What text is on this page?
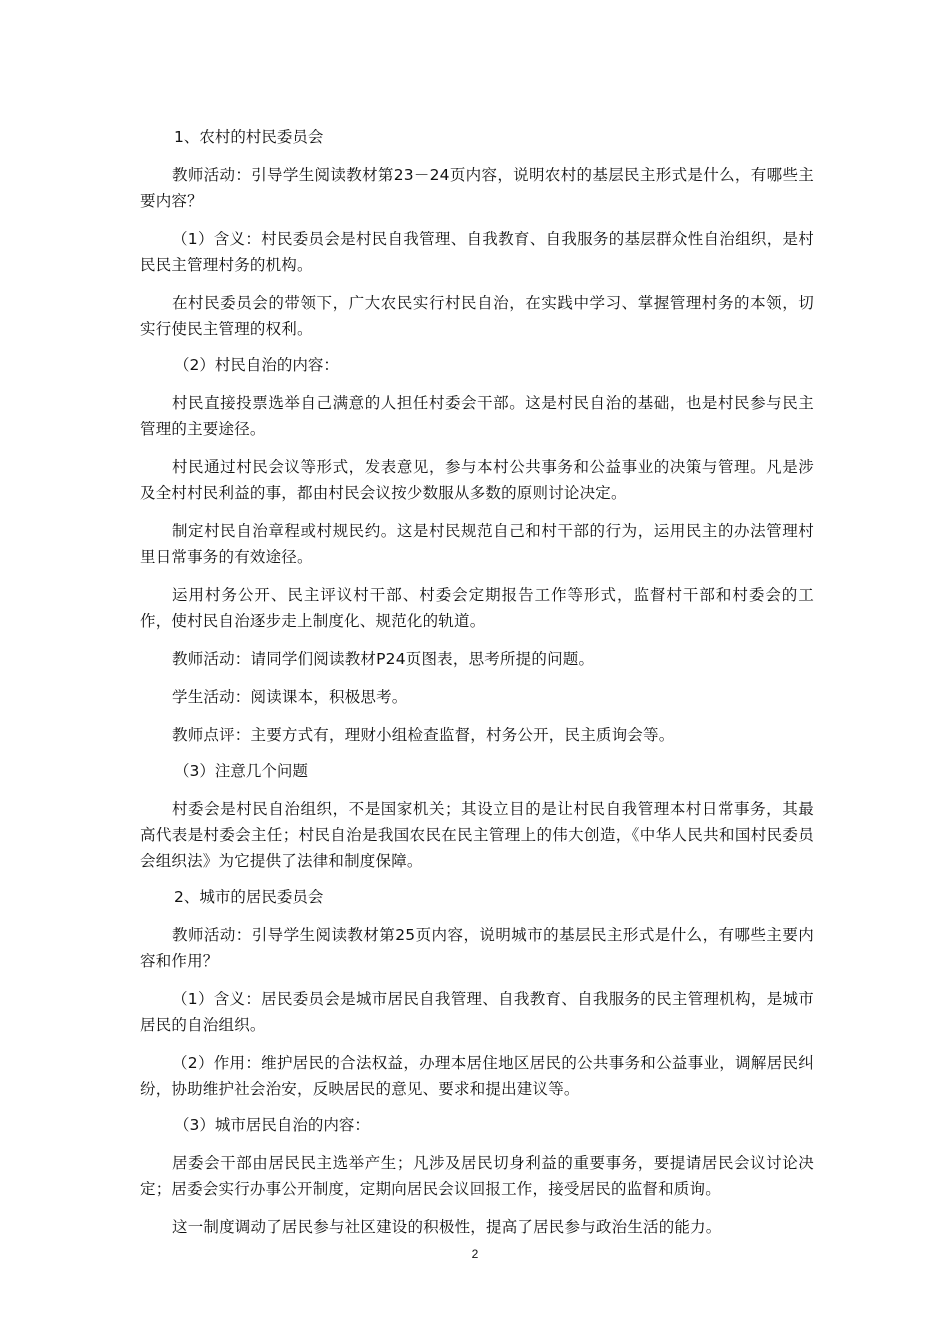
1、农村的村民委员会

教师活动：引导学生阅读教材第23－24页内容，说明农村的基层民主形式是什么，有哪些主要内容？

（1）含义：村民委员会是村民自我管理、自我教育、自我服务的基层群众性自治组织，是村民民主管理村务的机构。

在村民委员会的带领下，广大农民实行村民自治，在实践中学习、掌握管理村务的本领，切实行使民主管理的权利。

（2）村民自治的内容：

村民直接投票选举自己满意的人担任村委会干部。这是村民自治的基础，也是村民参与民主管理的主要途径。

村民通过村民会议等形式，发表意见，参与本村公共事务和公益事业的决策与管理。凡是涉及全村村民利益的事，都由村民会议按少数服从多数的原则讨论决定。

制定村民自治章程或村规民约。这是村民规范自己和村干部的行为，运用民主的办法管理村里日常事务的有效途径。

运用村务公开、民主评议村干部、村委会定期报告工作等形式，监督村干部和村委会的工作，使村民自治逐步走上制度化、规范化的轨道。

教师活动：请同学们阅读教材P24页图表，思考所提的问题。

学生活动：阅读课本，积极思考。

教师点评：主要方式有，理财小组检查监督，村务公开，民主质询会等。

（3）注意几个问题

村委会是村民自治组织，不是国家机关；其设立目的是让村民自我管理本村日常事务，其最高代表是村委会主任；村民自治是我国农民在民主管理上的伟大创造，《中华人民共和国村民委员会组织法》为它提供了法律和制度保障。

2、城市的居民委员会

教师活动：引导学生阅读教材第25页内容，说明城市的基层民主形式是什么，有哪些主要内容和作用？

（1）含义：居民委员会是城市居民自我管理、自我教育、自我服务的民主管理机构，是城市居民的自治组织。

（2）作用：维护居民的合法权益，办理本居住地区居民的公共事务和公益事业，调解居民纠纷，协助维护社会治安，反映居民的意见、要求和提出建议等。

（3）城市居民自治的内容：

居委会干部由居民民主选举产生；凡涉及居民切身利益的重要事务，要提请居民会议讨论决定；居委会实行办事公开制度，定期向居民会议回报工作，接受居民的监督和质询。

这一制度调动了居民参与社区建设的积极性，提高了居民参与政治生活的能力。

2
